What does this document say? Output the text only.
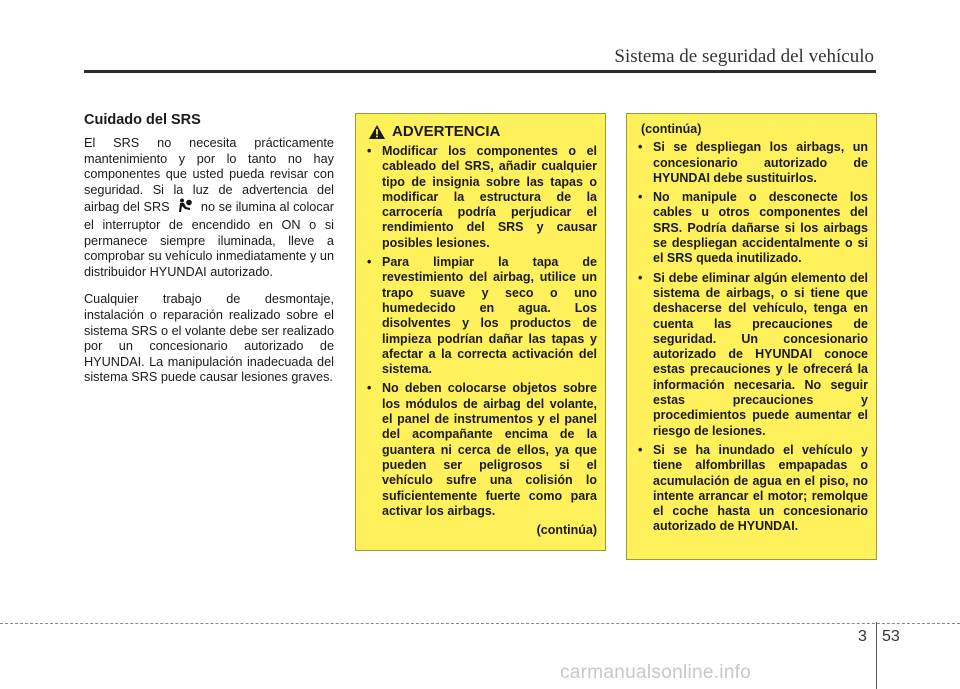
Sistema de seguridad del vehículo
Cuidado del SRS

El SRS no necesita prácticamente mantenimiento y por lo tanto no hay componentes que usted pueda revisar con seguridad. Si la luz de advertencia del airbag del SRS no se ilumina al colocar el interruptor de encendido en ON o si permanece siempre iluminada, lleve a comprobar su vehículo inmediatamente y un distribuidor HYUNDAI autorizado.

Cualquier trabajo de desmontaje, instalación o reparación realizado sobre el sistema SRS o el volante debe ser realizado por un concesionario autorizado de HYUNDAI. La manipulación inadecuada del sistema SRS puede causar lesiones graves.

ADVERTENCIA
• Modificar los componentes o el cableado del SRS, añadir cualquier tipo de insignia sobre las tapas o modificar la estructura de la carrocería podría perjudicar el rendimiento del SRS y causar posibles lesiones.
• Para limpiar la tapa de revestimiento del airbag, utilice un trapo suave y seco o uno humedecido en agua. Los disolventes y los productos de limpieza podrían dañar las tapas y afectar a la correcta activación del sistema.
• No deben colocarse objetos sobre los módulos de airbag del volante, el panel de instrumentos y el panel del acompañante encima de la guantera ni cerca de ellos, ya que pueden ser peligrosos si el vehículo sufre una colisión lo suficientemente fuerte como para activar los airbags.
(continúa)
(continúa)
• Si se despliegan los airbags, un concesionario autorizado de HYUNDAI debe sustituirlos.
• No manipule o desconecte los cables u otros componentes del SRS. Podría dañarse si los airbags se despliegan accidentalmente o si el SRS queda inutilizado.
• Si debe eliminar algún elemento del sistema de airbags, o si tiene que deshacerse del vehículo, tenga en cuenta las precauciones de seguridad. Un concesionario autorizado de HYUNDAI conoce estas precauciones y le ofrecerá la información necesaria. No seguir estas precauciones y procedimientos puede aumentar el riesgo de lesiones.
• Si se ha inundado el vehículo y tiene alfombrillas empapadas o acumulación de agua en el piso, no intente arrancar el motor; remolque el coche hasta un concesionario autorizado de HYUNDAI.
3 53
carmanualsonline.info
